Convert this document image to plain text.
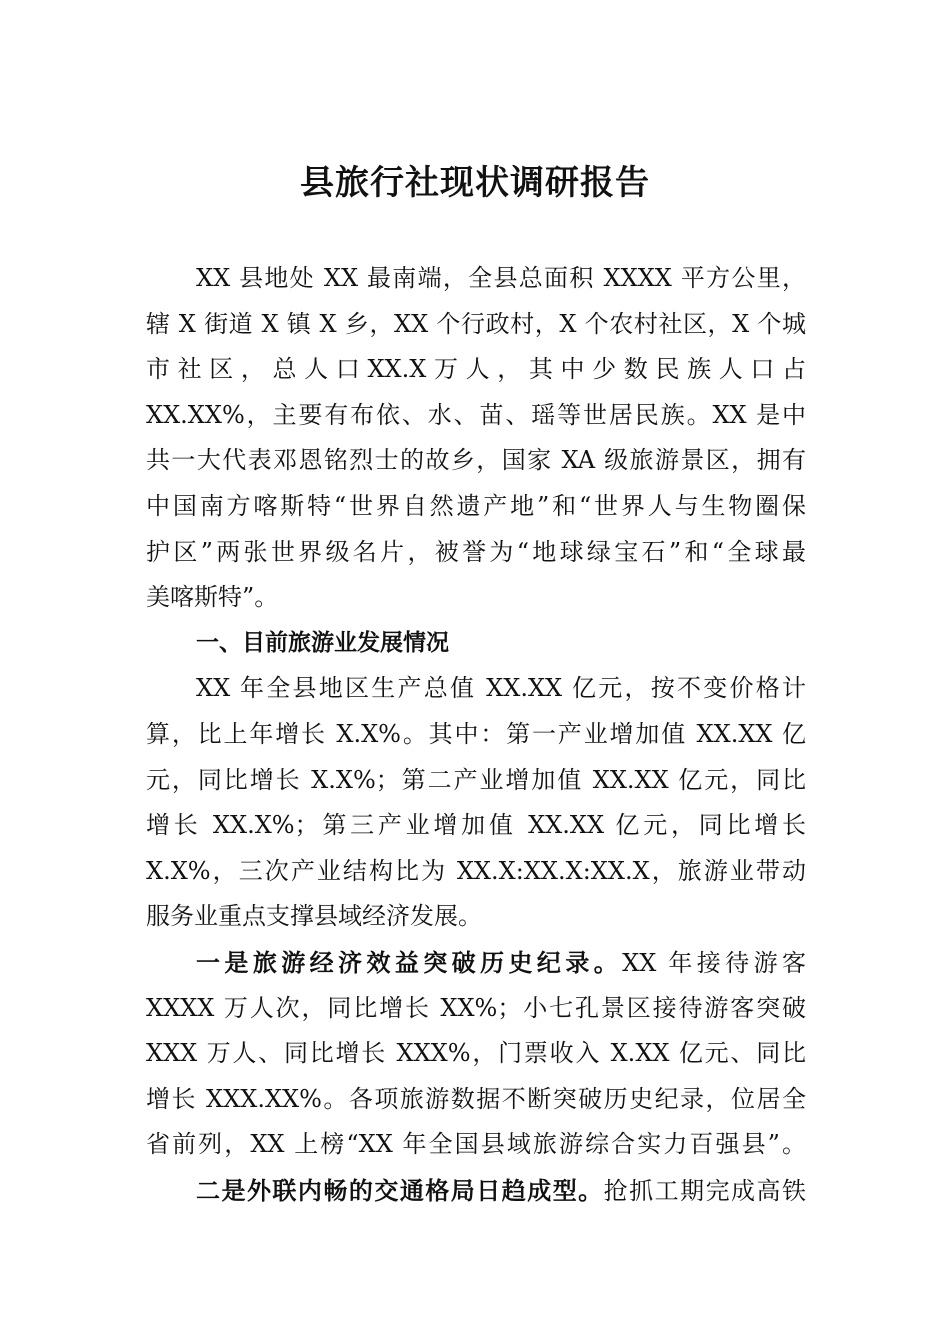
县旅行社现状调研报告
XX 县地处 XX 最南端，全县总面积 XXXX 平方公里，
辖 X 街道 X 镇 X 乡，XX 个行政村，X 个农村社区，X 个城
市 社 区 ， 总 人 口 XX.X 万 人 ， 其 中 少 数 民 族 人 口 占
XX.XX%，主要有布依、水、苗、瑶等世居民族。XX 是中
共一大代表邓恩铭烈士的故乡，国家 XA 级旅游景区，拥有
中国南方喀斯特“世界自然遗产地”和“世界人与生物圈保
护区”两张世界级名片，被誉为“地球绿宝石”和“全球最
美喀斯特”。
一、目前旅游业发展情况
XX 年全县地区生产总值 XX.XX 亿元，按不变价格计
算，比上年增长 X.X%。其中：第一产业增加值 XX.XX 亿
元，同比增长 X.X%；第二产业增加值 XX.XX 亿元，同比
增长 XX.X%；第三产业增加值 XX.XX 亿元，同比增长
X.X%，三次产业结构比为 XX.X:XX.X:XX.X，旅游业带动
服务业重点支撑县域经济发展。
一是旅游经济效益突破历史纪录。XX 年接待游客
XXXX 万人次，同比增长 XX%；小七孔景区接待游客突破
XXX 万人、同比增长 XXX%，门票收入 X.XX 亿元、同比
增长 XXX.XX%。各项旅游数据不断突破历史纪录，位居全
省前列，XX 上榜“XX 年全国县域旅游综合实力百强县”。
二是外联内畅的交通格局日趋成型。抢抓工期完成高铁
